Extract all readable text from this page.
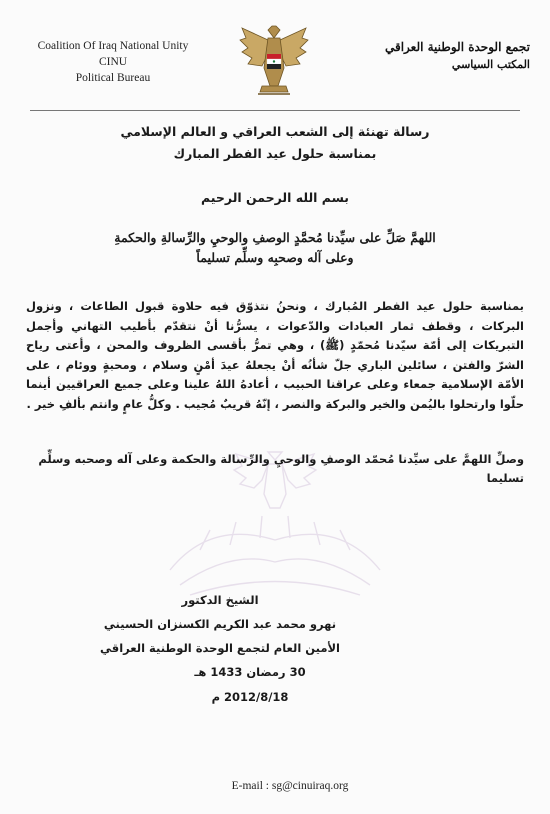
Coalition Of Iraq National Unity
CINU
Political Bureau
تجمع الوحدة الوطنية العراقي
المكتب السياسي
رسالة تهنئة إلى الشعب العراقي و العالم الإسلامي
بمناسبة حلول عيد الفطر المبارك
بسم الله الرحمن الرحيم
اللهمَّ صَلِّ على سيِّدنا مُحمَّدٍ الوصفِ والوحيِ والرِّسالةِ والحكمةِ
وعلى آله وصحبِه وسلِّم تسليماً
بمناسبة حلول عيد الفطر المُبارك ، ونحنُ نتذوّق فيه حلاوة قبول الطاعات ، ونزول البركات ، وقطف ثمار العبادات والدّعوات ، يسرُّنا أنْ نتقدّم بأطيب التهاني وأجمل التبريكات إلى أمّة سيّدنا مُحمّدٍ (ﷺ) ، وهي تمرُّ بأقسى الظروف والمحن ، وأعتى رياح الشرّ والفتن ، سائلين الباري جلّ شأنُه أنْ يجعلهُ عيدَ أمْنٍ وسلام ، ومحبةٍ ووئام ، على الأمّة الإسلامية جمعاء وعلى عراقنا الحبيب ، أعادهُ اللهُ علينا وعلى جميع العراقيين أينما حلّوا وارتحلوا باليُمن والخير والبركة والنصر ، إنّهُ قريبٌ مُجيب . وكلُّ عامٍ وانتم بألفِ خير .
وصلِّ اللهمَّ على سيِّدنا مُحمّد الوصفِ والوحيِ والرِّسالة والحكمة وعلى آله وصحبه وسلِّم تسليما
الشيخ الدكتور
نهرو محمد عبد الكريم الكسنزان الحسيني
الأمين العام لتجمع الوحدة الوطنية العراقي
30 رمضان 1433 هـ
2012/8/18 م
E-mail : sg@cinuiraq.org
